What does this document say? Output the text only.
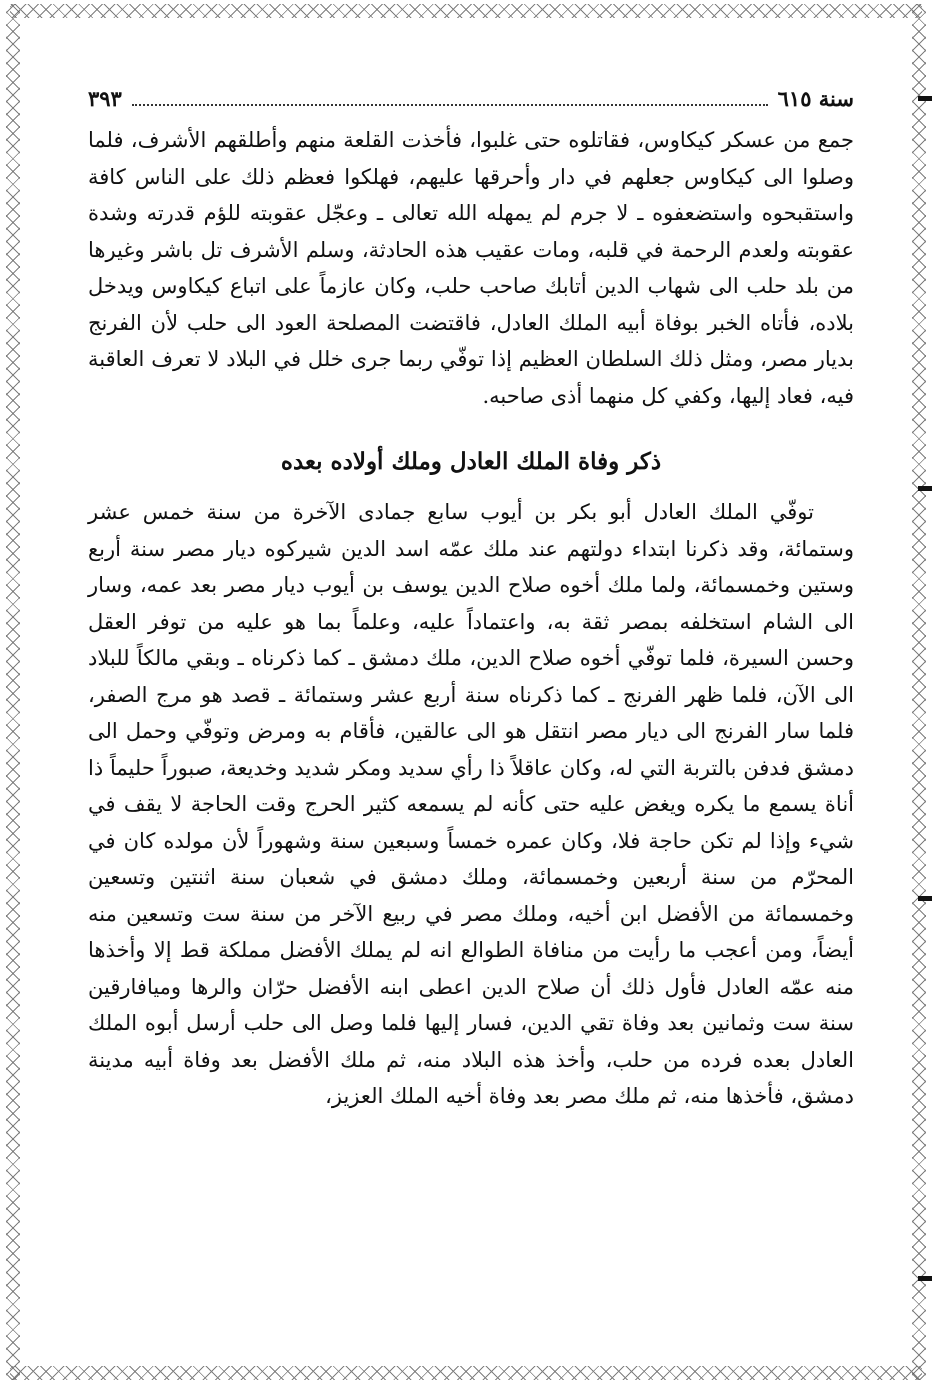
سنة ٦١٥
٣٩٣

جمع من عسكر كيكاوس، فقاتلوه حتى غلبوا، فأخذت القلعة منهم وأطلقهم الأشرف، فلما وصلوا الى كيكاوس جعلهم في دار وأحرقها عليهم، فهلكوا فعظم ذلك على الناس كافة واستقبحوه واستضعفوه ـ لا جرم لم يمهله الله تعالى ـ وعجّل عقوبته للؤم قدرته وشدة عقوبته ولعدم الرحمة في قلبه، ومات عقيب هذه الحادثة، وسلم الأشرف تل باشر وغيرها من بلد حلب الى شهاب الدين أتابك صاحب حلب، وكان عازماً على اتباع كيكاوس ويدخل بلاده، فأتاه الخبر بوفاة أبيه الملك العادل، فاقتضت المصلحة العود الى حلب لأن الفرنج بديار مصر، ومثل ذلك السلطان العظيم إذا توفّي ربما جرى خلل في البلاد لا تعرف العاقبة فيه، فعاد إليها، وكفي كل منهما أذى صاحبه.

ذكر وفاة الملك العادل وملك أولاده بعده

توفّي الملك العادل أبو بكر بن أيوب سابع جمادى الآخرة من سنة خمس عشر وستمائة، وقد ذكرنا ابتداء دولتهم عند ملك عمّه اسد الدين شيركوه ديار مصر سنة أربع وستين وخمسمائة، ولما ملك أخوه صلاح الدين يوسف بن أيوب ديار مصر بعد عمه، وسار الى الشام استخلفه بمصر ثقة به، واعتماداً عليه، وعلماً بما هو عليه من توفر العقل وحسن السيرة، فلما توفّي أخوه صلاح الدين، ملك دمشق ـ كما ذكرناه ـ وبقي مالكاً للبلاد الى الآن، فلما ظهر الفرنج ـ كما ذكرناه سنة أربع عشر وستمائة ـ قصد هو مرج الصفر، فلما سار الفرنج الى ديار مصر انتقل هو الى عالقين، فأقام به ومرض وتوفّي وحمل الى دمشق فدفن بالتربة التي له، وكان عاقلاً ذا رأي سديد ومكر شديد وخديعة، صبوراً حليماً ذا أناة يسمع ما يكره ويغض عليه حتى كأنه لم يسمعه كثير الحرج وقت الحاجة لا يقف في شيء وإذا لم تكن حاجة فلا، وكان عمره خمساً وسبعين سنة وشهوراً لأن مولده كان في المحرّم من سنة أربعين وخمسمائة، وملك دمشق في شعبان سنة اثنتين وتسعين وخمسمائة من الأفضل ابن أخيه، وملك مصر في ربيع الآخر من سنة ست وتسعين منه أيضاً، ومن أعجب ما رأيت من منافاة الطوالع انه لم يملك الأفضل مملكة قط إلا وأخذها منه عمّه العادل فأول ذلك أن صلاح الدين اعطى ابنه الأفضل حرّان والرها وميافارقين سنة ست وثمانين بعد وفاة تقي الدين، فسار إليها فلما وصل الى حلب أرسل أبوه الملك العادل بعده فرده من حلب، وأخذ هذه البلاد منه، ثم ملك الأفضل بعد وفاة أبيه مدينة دمشق، فأخذها منه، ثم ملك مصر بعد وفاة أخيه الملك العزيز،
